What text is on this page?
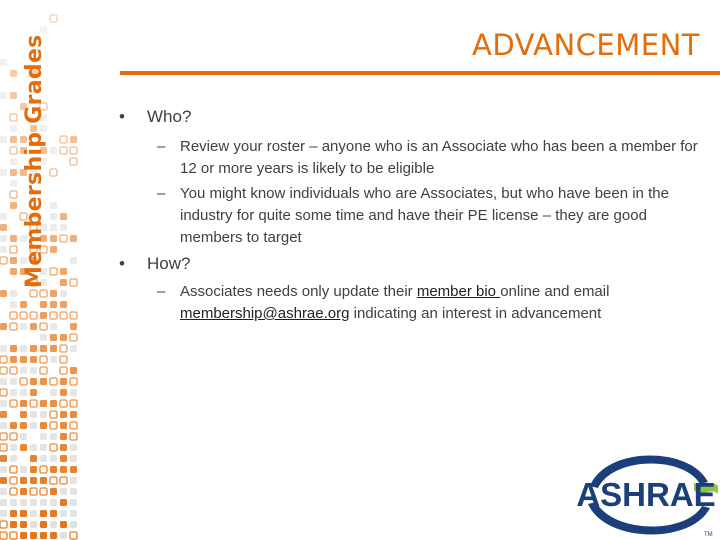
Membership Grades	ADVANCEMENT
• Who?
– Review your roster – anyone who is an Associate who has been a member for 12 or more years is likely to be eligible
– You might know individuals who are Associates, but who have been in the industry for quite some time and have their PE license – they are good members to target
• How?
– Associates needs only update their member bio online and email membership@ashrae.org indicating an interest in advancement
ASHRAE
TM
